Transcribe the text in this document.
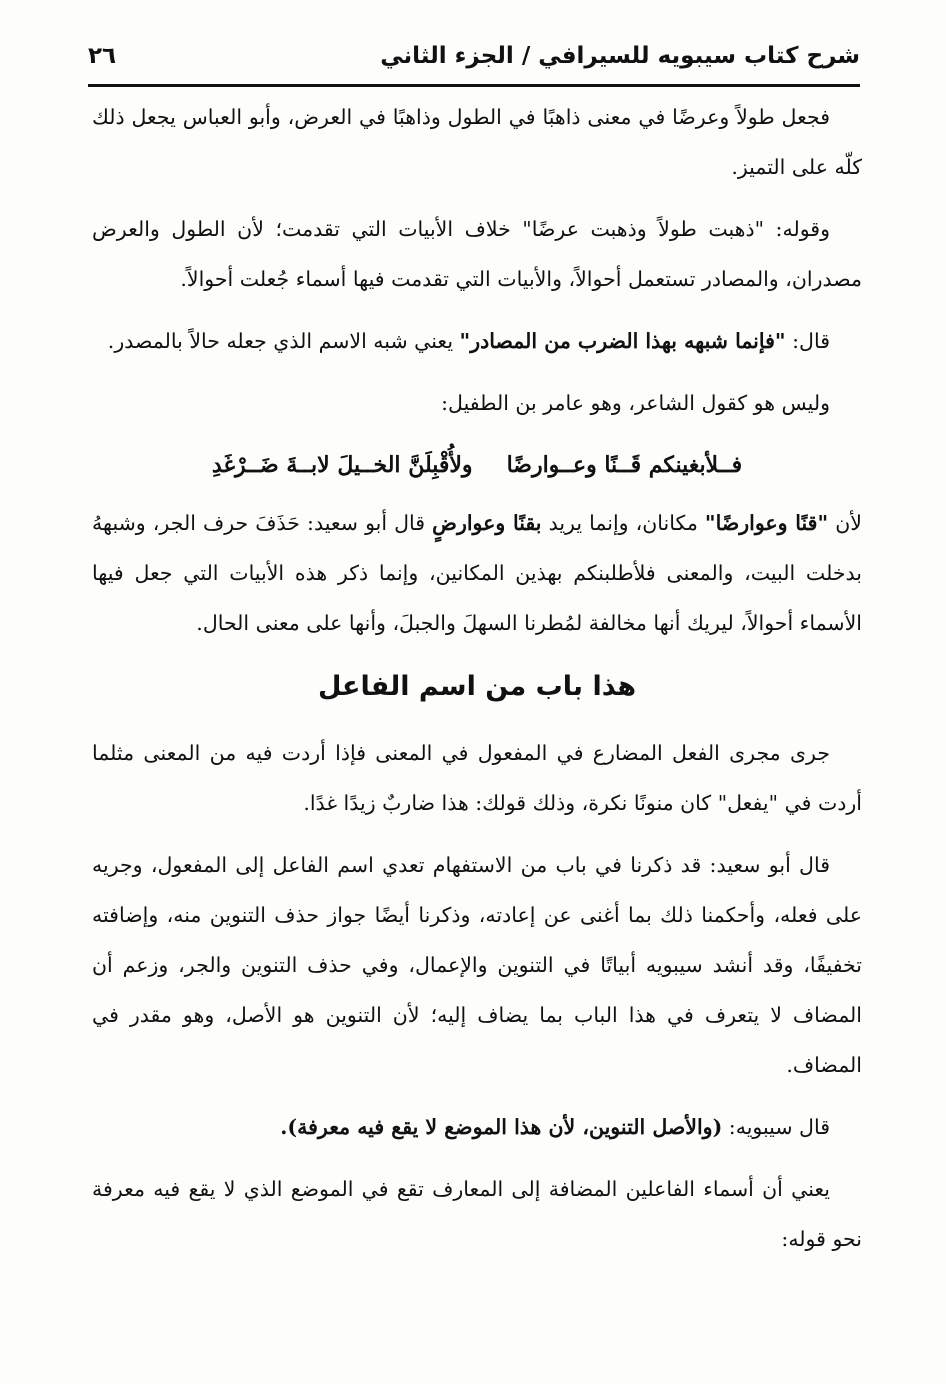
شرح كتاب سيبويه للسيرافي / الجزء الثاني
٢٦

فجعل طولاً وعرضًا في معنى ذاهبًا في الطول وذاهبًا في العرض، وأبو العباس يجعل ذلك كلّه على التميز.

وقوله: "ذهبت طولاً وذهبت عرضًا" خلاف الأبيات التي تقدمت؛ لأن الطول والعرض مصدران، والمصادر تستعمل أحوالاً، والأبيات التي تقدمت فيها أسماء جُعلت أحوالاً.

قال: "فإنما شبهه بهذا الضرب من المصادر" يعني شبه الاسم الذي جعله حالاً بالمصدر.

وليس هو كقول الشاعر، وهو عامر بن الطفيل:

فــلأبغينكم قَــنًا وعــوارضًا
ولأُقْبِلَنَّ الخــيلَ لابــةَ ضَــرْغَدِ

لأن "قنًا وعوارضًا" مكانان، وإنما يريد بقنًا وعوارضٍ قال أبو سعيد: حَذَفَ حرف الجر، وشبههُ بدخلت البيت، والمعنى فلأطلبنكم بهذين المكانين، وإنما ذكر هذه الأبيات التي جعل فيها الأسماء أحوالاً، ليريك أنها مخالفة لمُطرنا السهلَ والجبلَ، وأنها على معنى الحال.

هذا باب من اسم الفاعل

جرى مجرى الفعل المضارع في المفعول في المعنى فإذا أردت فيه من المعنى مثلما أردت في "يفعل" كان منونًا نكرة، وذلك قولك: هذا ضاربٌ زيدًا غدًا.

قال أبو سعيد: قد ذكرنا في باب من الاستفهام تعدي اسم الفاعل إلى المفعول، وجريه على فعله، وأحكمنا ذلك بما أغنى عن إعادته، وذكرنا أيضًا جواز حذف التنوين منه، وإضافته تخفيفًا، وقد أنشد سيبويه أبياتًا في التنوين والإعمال، وفي حذف التنوين والجر، وزعم أن المضاف لا يتعرف في هذا الباب بما يضاف إليه؛ لأن التنوين هو الأصل، وهو مقدر في المضاف.

قال سيبويه: (والأصل التنوين، لأن هذا الموضع لا يقع فيه معرفة).

يعني أن أسماء الفاعلين المضافة إلى المعارف تقع في الموضع الذي لا يقع فيه معرفة نحو قوله:
